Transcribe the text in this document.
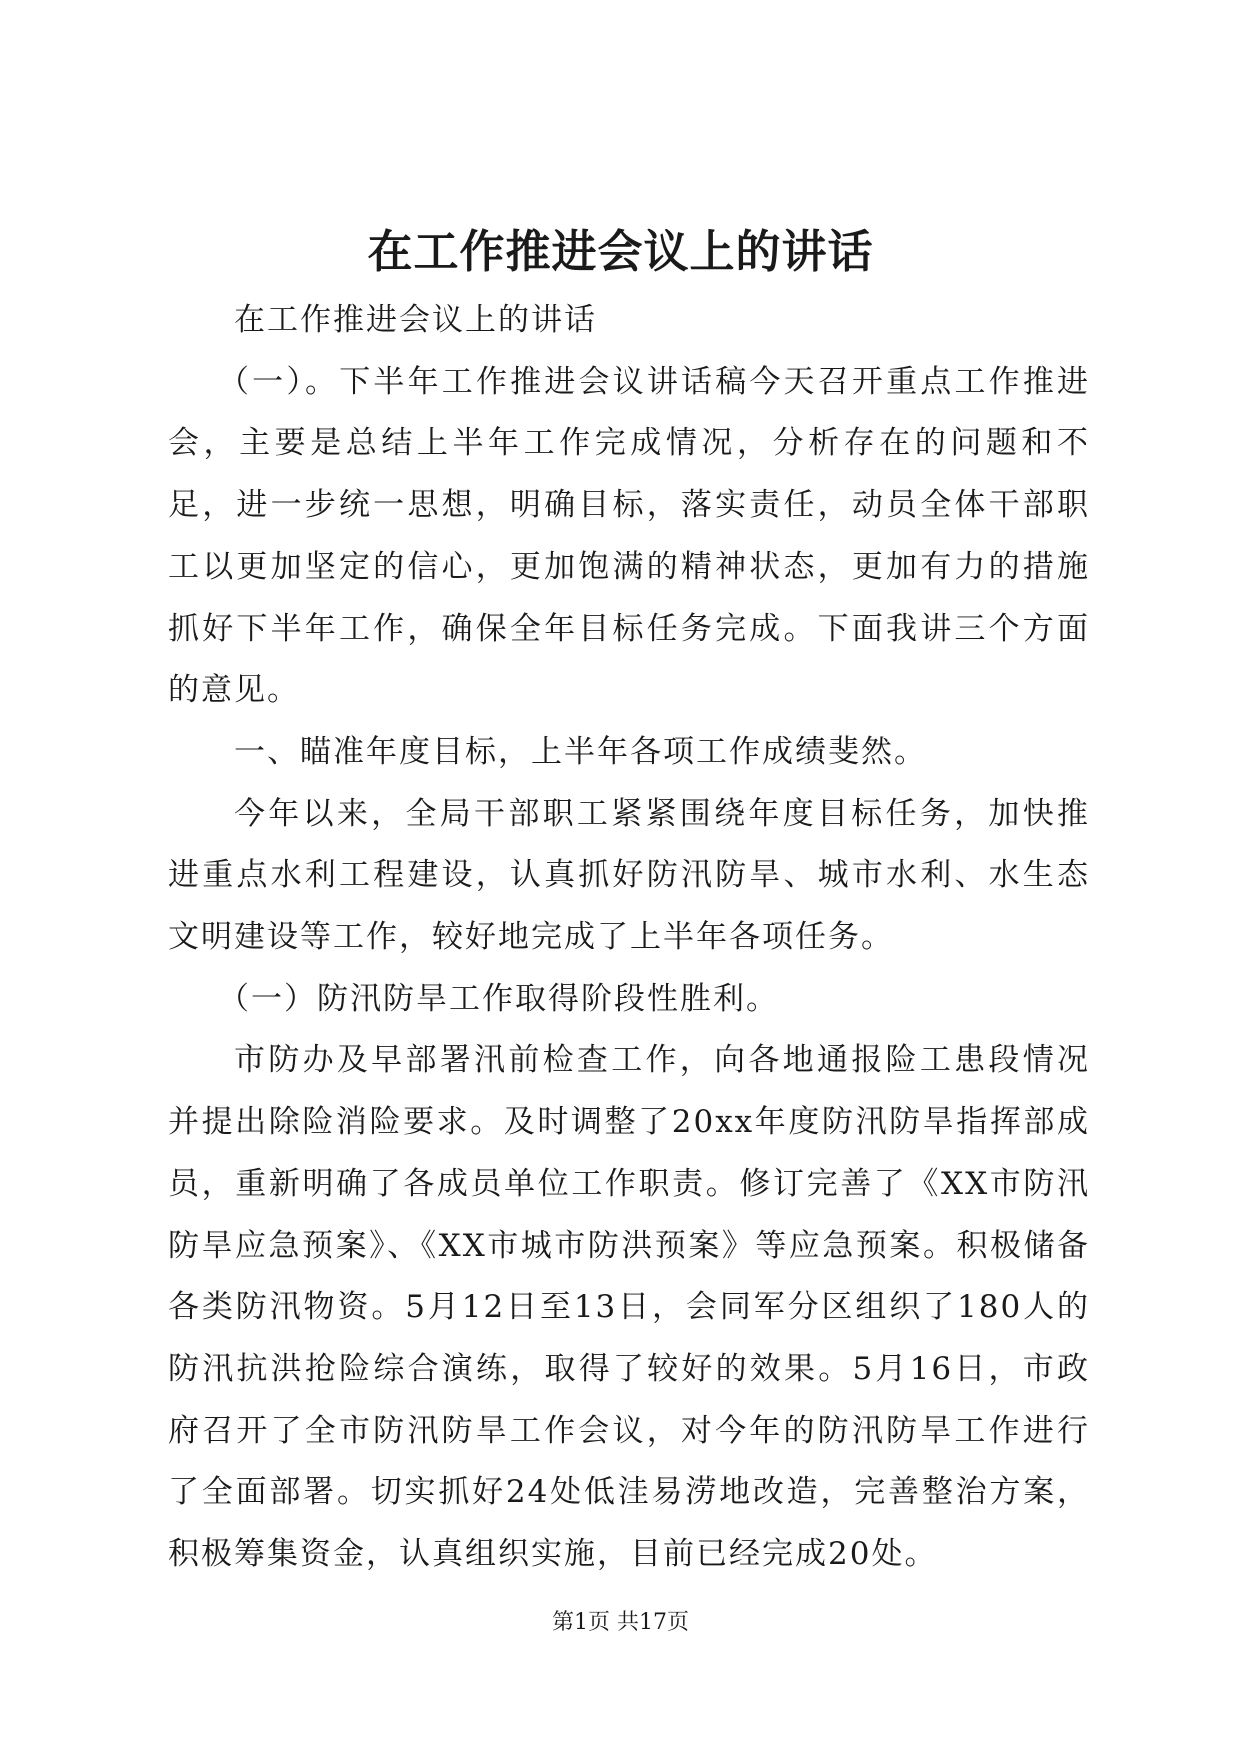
在工作推进会议上的讲话

在工作推进会议上的讲话

（一）。下半年工作推进会议讲话稿今天召开重点工作推进会，主要是总结上半年工作完成情况，分析存在的问题和不足，进一步统一思想，明确目标，落实责任，动员全体干部职工以更加坚定的信心，更加饱满的精神状态，更加有力的措施抓好下半年工作，确保全年目标任务完成。下面我讲三个方面的意见。

一、瞄准年度目标，上半年各项工作成绩斐然。

今年以来，全局干部职工紧紧围绕年度目标任务，加快推进重点水利工程建设，认真抓好防汛防旱、城市水利、水生态文明建设等工作，较好地完成了上半年各项任务。

（一）防汛防旱工作取得阶段性胜利。

市防办及早部署汛前检查工作，向各地通报险工患段情况并提出除险消险要求。及时调整了20xx年度防汛防旱指挥部成员，重新明确了各成员单位工作职责。修订完善了《XX市防汛防旱应急预案》、《XX市城市防洪预案》等应急预案。积极储备各类防汛物资。5月12日至13日，会同军分区组织了180人的防汛抗洪抢险综合演练，取得了较好的效果。5月16日，市政府召开了全市防汛防旱工作会议，对今年的防汛防旱工作进行了全面部署。切实抓好24处低洼易涝地改造，完善整治方案，积极筹集资金，认真组织实施，目前已经完成20处。

第1页 共17页
